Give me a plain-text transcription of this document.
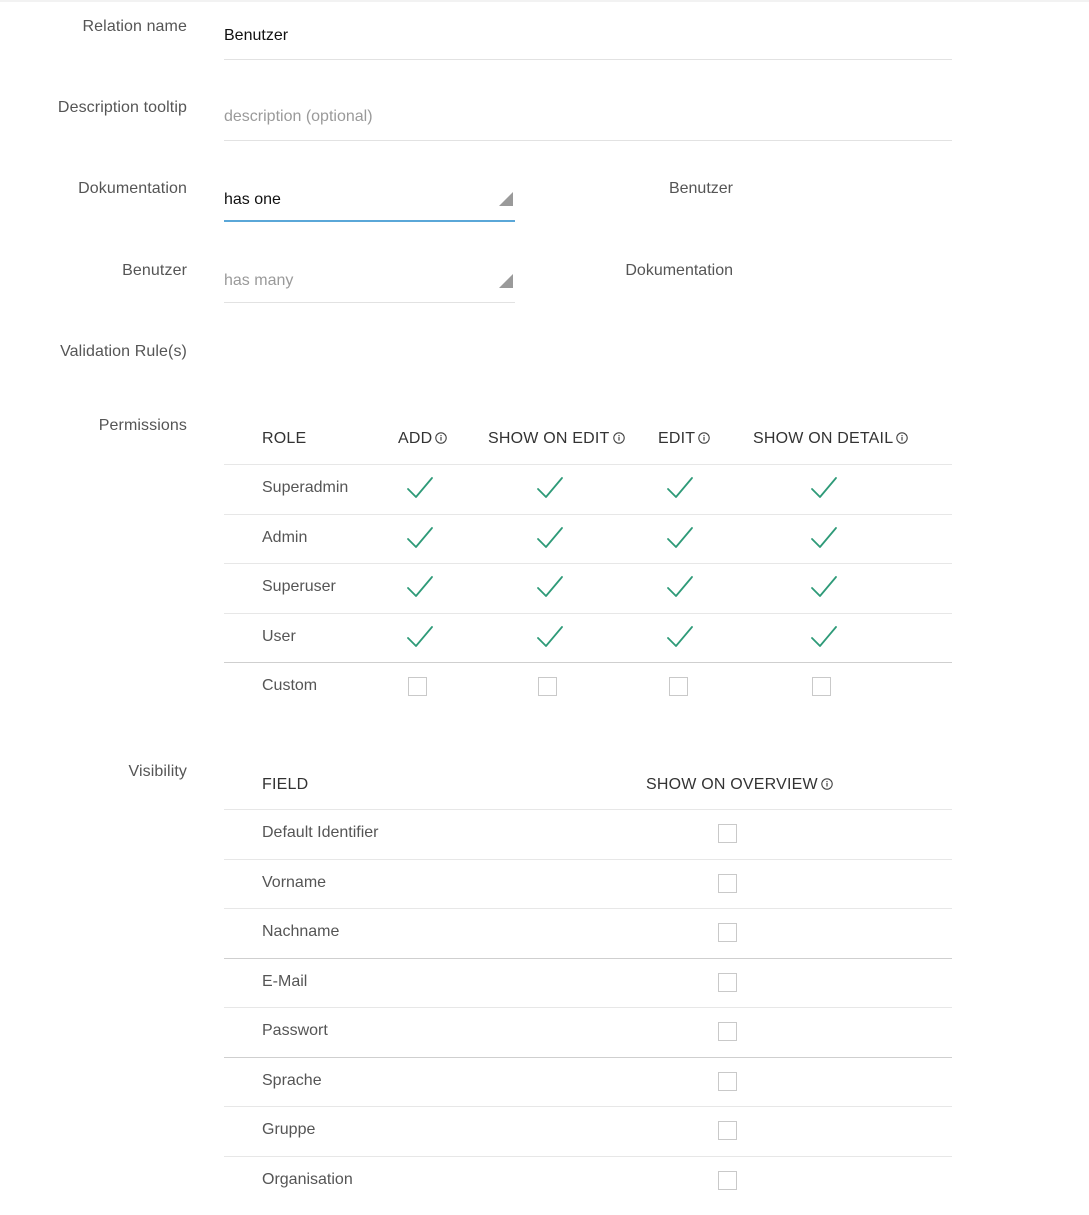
Relation name
Benutzer
Description tooltip
description (optional)
Dokumentation
has one
Benutzer
Benutzer
has many
Dokumentation
Validation Rule(s)
Permissions
ROLE	ADD	SHOW ON EDIT	EDIT	SHOW ON DETAIL
Superadmin
Admin
Superuser
User
Custom
Visibility
FIELD	SHOW ON OVERVIEW
Default Identifier
Vorname
Nachname
E-Mail
Passwort
Sprache
Gruppe
Organisation
